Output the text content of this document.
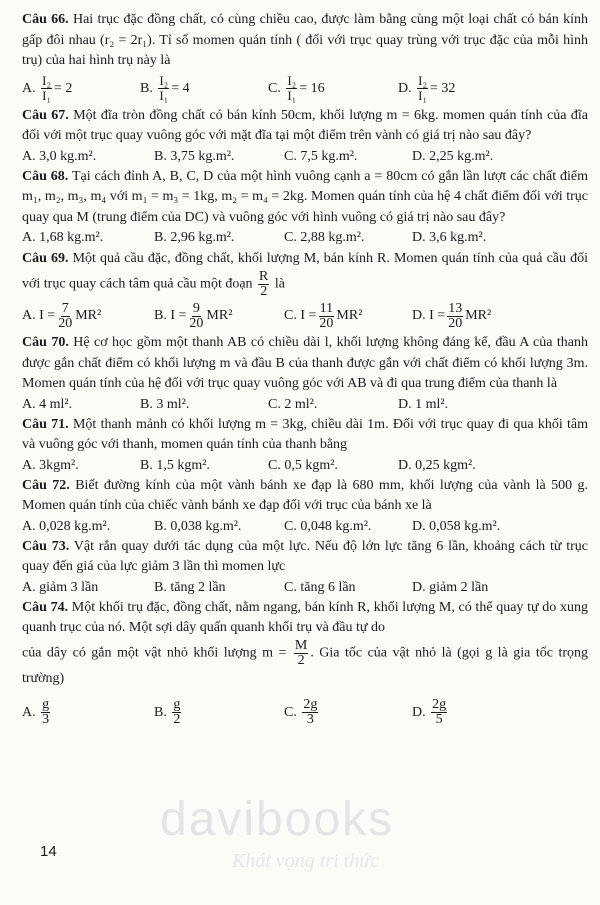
Câu 66. Hai trục đặc đồng chất, có cùng chiều cao, được làm bằng cùng một loại chất có bán kính gấp đôi nhau (r₂ = 2r₁). Tỉ số momen quán tính ( đối với trục quay trùng với trục đặc của mỗi hình trụ) của hai hình trụ này là

A.
$\frac{\text{I₂}}{\text{I₁}} = 2$	B.
$\frac{\text{I₂}}{\text{I₁}} = 4$	C.
$\frac{\text{I₂}}{\text{I₁}} = 16$	D.
$\frac{\text{I₂}}{\text{I₁}} = 32$

Câu 67. Một đĩa tròn đồng chất có bán kính 50cm, khối lượng m = 6kg. momen quán tính của đĩa đối với một trục quay vuông góc với mặt đĩa tại một điểm trên vành có giá trị nào sau đây?

A. 3,0 kg.m².	B. 3,75 kg.m².	C. 7,5 kg.m².	D. 2,25 kg.m².

Câu 68. Tại cách đỉnh A, B, C, D của một hình vuông cạnh a = 80cm có gắn lần lượt các chất điểm m₁, m₂, m₃, m₄ với m₁ = m₃ = 1kg, m₂ = m₄ = 2kg. Momen quán tính của hệ 4 chất điểm đối với trục quay qua M (trung điểm của DC) và vuông góc với hình vuông có giá trị nào sau đây?

A. 1,68 kg.m².	B. 2,96 kg.m².	C. 2,88 kg.m².	D. 3,6 kg.m².

Câu 69. Một quả cầu đặc, đồng chất, khối lượng M, bán kính R. Momen quán tính của quả cầu đối với trục quay cách tâm quả cầu một đoạn $\frac{R}{2}$ là

A.
$I = \frac{7}{20} MR^2$	B.
$I = \frac{9}{20} MR^2$	C.
$I = \frac{11}{20} MR^2$	D.
$I = \frac{13}{20} MR^2$

Câu 70. Hệ cơ học gồm một thanh AB có chiều dài l, khối lượng không đáng kể, đầu A của thanh được gắn chất điểm có khối lượng m và đầu B của thanh được gắn với chất điểm có khối lượng 3m. Momen quán tính của hệ đối với trục quay vuông góc với AB và đi qua trung điểm của thanh là

A. 4 ml².	B. 3 ml².	C. 2 ml².	D. 1 ml².

Câu 71. Một thanh mảnh có khối lượng m = 3kg, chiều dài 1m. Đối với trục quay đi qua khối tâm và vuông góc với thanh, momen quán tính của thanh bằng

A. 3kgm².	B. 1,5 kgm².	C. 0,5 kgm².	D. 0,25 kgm².

Câu 72. Biết đường kính của một vành bánh xe đạp là 680 mm, khối lượng của vành là 500 g. Momen quán tính của chiếc vành bánh xe đạp đối với trục của bánh xe là

A. 0,028 kg.m².	B. 0,038 kg.m².	C. 0,048 kg.m².	D. 0,058 kg.m².

Câu 73. Vật rắn quay dưới tác dụng của một lực. Nếu độ lớn lực tăng 6 lần, khoảng cách từ trục quay đến giá của lực giảm 3 lần thì momen lực

A. giảm 3 lần	B. tăng 2 lần	C. tăng 6 lần	D. giảm 2 lần

Câu 74. Một khối trụ đặc, đồng chất, nằm ngang, bán kính R, khối lượng M, có thể quay tự do xung quanh trục của nó. Một sợi dây quấn quanh khối trụ và đầu tự do

của dây có gắn một vật nhỏ khối lượng $m = \frac{M}{2}$ . Gia tốc của vật nhỏ là (gọi g là gia tốc trọng trường)

A.
$\frac{g}{3}$	B.
$\frac{g}{2}$	C.
$\frac{2g}{3}$	D.
$\frac{2g}{5}$
davibooks
Khát vọng tri thức
14
